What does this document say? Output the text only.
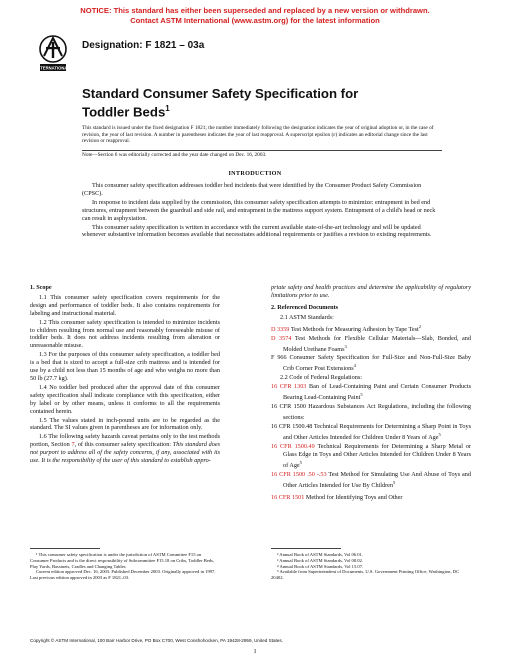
NOTICE: This standard has either been superseded and replaced by a new version or withdrawn.
Contact ASTM International (www.astm.org) for the latest information
INTERNATIONAL
Designation: F 1821 – 03a
Standard Consumer Safety Specification for Toddler Beds$^1$
This standard is issued under the fixed designation F 1821; the number immediately following the designation indicates the year of original adoption or, in the case of revision, the year of last revision. A number in parentheses indicates the year of last reapproval. A superscript epsilon (ε) indicates an editorial change since the last revision or reapproval.
Note—Section 6 was editorially corrected and the year date changed on Dec. 16, 2003.
INTRODUCTION

This consumer safety specification addresses toddler bed incidents that were identified by the Consumer Product Safety Commission (CPSC).

In response to incident data supplied by the commission, this consumer safety specification attempts to minimize: entrapment in bed end structures, entrapment between the guardrail and side rail, and entrapment in the mattress support system. Entrapment of a child's head or neck can result in asphyxiation.

This consumer safety specification is written in accordance with the current available state-of-the-art technology and will be updated whenever substantive information becomes available that necessitates additional requirements or justifies a revision to existing requirements.

1. Scope

1.1 This consumer safety specification covers requirements for the design and performance of toddler beds. It also contains requirements for labeling and instructional material.

1.2 This consumer safety specification is intended to minimize incidents to children resulting from normal use and reasonably foreseeable misuse of toddler beds. It does not address incidents resulting from alteration or unreasonable misuse.

1.3 For the purposes of this consumer safety specification, a toddler bed is a bed that is sized to accept a full-size crib mattress and is intended for use by a child not less than 15 months of age and who weighs no more than 50 lb (27.7 kg).

1.4 No toddler bed produced after the approval date of this consumer safety specification shall indicate compliance with this specification, either by label or by other means, unless it conforms to all the requirements contained herein.

1.5 The values stated in inch-pound units are to be regarded as the standard. The SI values given in parentheses are for information only.

1.6 The following safety hazards caveat pertains only to the test methods portion, Section 7, of this consumer safety specification: This standard does not purport to address all of the safety concerns, if any, associated with its use. It is the responsibility of the user of this standard to establish appro-

priate safety and health practices and determine the applicability of regulatory limitations prior to use.

2. Referenced Documents

2.1 ASTM Standards:

D 3359 Test Methods for Measuring Adhesion by Tape Test$^2$

D 3574 Test Methods for Flexible Cellular Materials—Slab, Bonded, and Molded Urethane Foams$^3$

F 966 Consumer Safety Specification for Full-Size and Non-Full-Size Baby Crib Corner Post Extensions$^4$

2.2 Code of Federal Regulations:

16 CFR 1303 Ban of Lead-Containing Paint and Certain Consumer Products Bearing Lead-Containing Paint$^5$

16 CFR 1500 Hazardous Substances Act Regulations, including the following sections:

16 CFR 1500.48 Technical Requirements for Determining a Sharp Point in Toys and Other Articles Intended for Children Under 8 Years of Age$^5$

16 CFR 1500.49 Technical Requirements for Determining a Sharp Metal or Glass Edge in Toys and Other Articles Intended for Children Under 8 Years of Age$^5$

16 CFR 1500 .50 -.53 Test Method for Simulating Use And Abuse of Toys and Other Articles Intended for Use By Children$^5$

16 CFR 1501 Method for Identifying Toys and Other

¹ This consumer safety specification is under the jurisdiction of ASTM Committee F15 on Consumer Products and is the direct responsibility of Subcommittee F15.18 on Cribs, Toddler Beds, Play Yards, Bassinets, Cradles and Changing Tables.

Current edition approved Dec. 16, 2003. Published December 2003. Originally approved in 1997. Last previous edition approved in 2003 as F 1821–03.

² Annual Book of ASTM Standards, Vol 06.01.

³ Annual Book of ASTM Standards, Vol 08.02.

⁴ Annual Book of ASTM Standards, Vol 15.07.

⁵ Available from Superintendent of Documents, U.S. Government Printing Office, Washington, DC 20402.

Copyright © ASTM International, 100 Barr Harbor Drive, PO Box C700, West Conshohocken, PA 19428-2959, United States.
1
